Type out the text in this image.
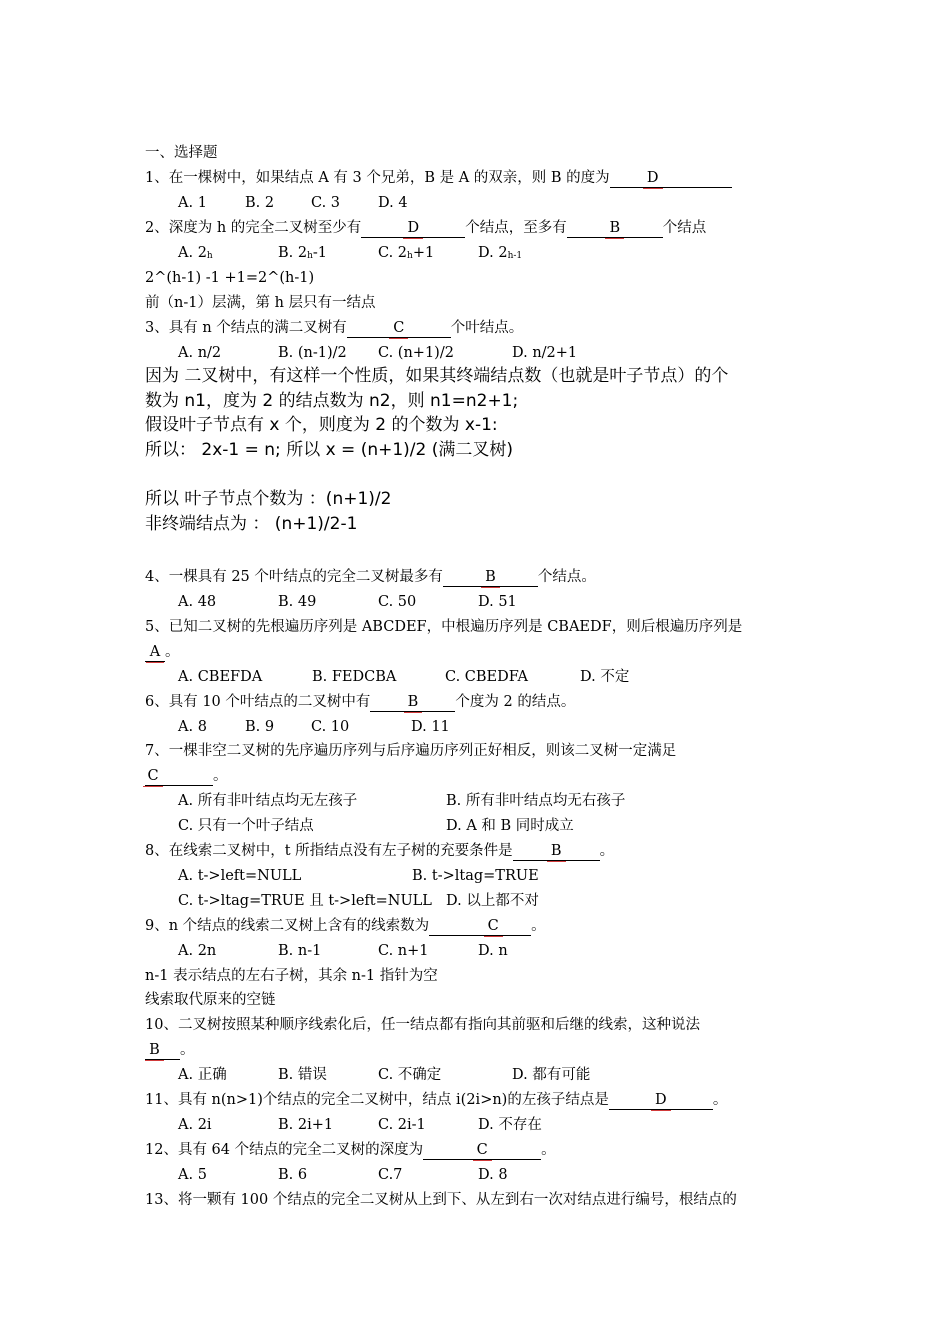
一、选择题
1、在一棵树中，如果结点 A 有 3 个兄弟，B 是 A 的双亲，则 B 的度为	D
A. 1	B. 2	C. 3	D. 4
2、深度为 h 的完全二叉树至少有	D	个结点，至多有	B	个结点
A. $2_h$	B. $2_h-1$	C. $2_h+1$	D. $2_{h-1}$
2^(h-1) -1 +1=2^(h-1)
前（n-1）层满，第 h 层只有一结点
3、具有 n 个结点的满二叉树有	C	个叶结点。
A. n/2	B. (n-1)/2 C. (n+1)/2	D. n/2+1
因为 二叉树中，有这样一个性质，如果其终端结点数（也就是叶子节点）的个
数为 n1，度为 2 的结点数为 n2，则 n1=n2+1;
假设叶子节点有 x 个，则度为 2 的个数为 x-1:
所以： 2x-1 = n; 所以 x = (n+1)/2 (满二叉树)
所以 叶子节点个数为 ：(n+1)/2
非终端结点为 ： (n+1)/2-1
4、一棵具有 25 个叶结点的完全二叉树最多有	B	个结点。
A. 48	B. 49	C. 50	D. 51
5、已知二叉树的先根遍历序列是 ABCDEF，中根遍历序列是 CBAEDF，则后根遍历序列是
A 。
A. CBEFDA	B. FEDCBA	C. CBEDFA	D. 不定
6、具有 10 个叶结点的二叉树中有	B	个度为 2 的结点。
A. 8	B. 9	C. 10	D. 11
7、一棵非空二叉树的先序遍历序列与后序遍历序列正好相反，则该二叉树一定满足
C	。
A. 所有非叶结点均无左孩子	B. 所有非叶结点均无右孩子
C. 只有一个叶子结点	D. A 和 B 同时成立
8、在线索二叉树中，t 所指结点没有左子树的充要条件是	B	。
A. t->left=NULL	B. t->ltag=TRUE
C. t->ltag=TRUE 且 t->left=NULL D. 以上都不对
9、n 个结点的线索二叉树上含有的线索数为	C 。
A. 2n	B. n-1	C. n+1	D. n
n-1 表示结点的左右子树，其余 n-1 指针为空
线索取代原来的空链
10、二叉树按照某种顺序线索化后，任一结点都有指向其前驱和后继的线索，这种说法
B 。
A. 正确	B. 错误	C. 不确定	D. 都有可能
11、具有 n(n>1)个结点的完全二叉树中，结点 i(2i>n)的左孩子结点是	D	。
A. 2i	B. 2i+1	C. 2i-1	D. 不存在
12、具有 64 个结点的完全二叉树的深度为	C	。
A. 5	B. 6	C.7	D. 8
13、将一颗有 100 个结点的完全二叉树从上到下、从左到右一次对结点进行编号，根结点的
